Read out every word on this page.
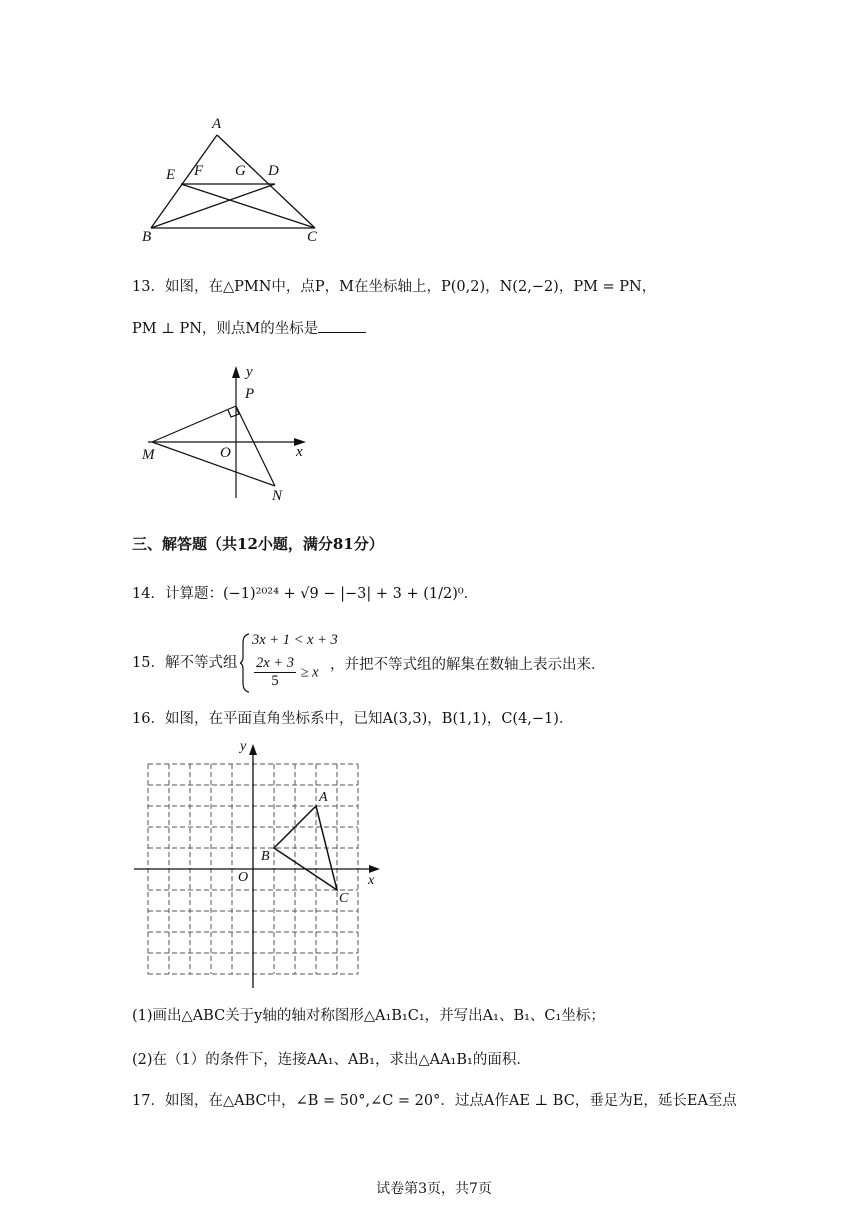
A
E F G D
B	C
13．如图，在△PMN中，点P，M在坐标轴上，P(0,2)，N(2,−2)，PM = PN，
PM ⊥ PN，则点M的坐标是
y
P
x
O
M
N
三、解答题（共12小题，满分81分）
14．计算题：(−1)²⁰²⁴ + √9 − |−3| + 3 + (1/2)⁰．
15．解不等式组
3x + 1 < x + 3
$\frac{2x + 3}{5} \ge x$ ，并把不等式组的解集在数轴上表示出来．
16．如图，在平面直角坐标系中，已知A(3,3)，B(1,1)，C(4,−1)．
y
A
B
O	x
C
(1)画出△ABC关于y轴的轴对称图形△A₁B₁C₁，并写出A₁、B₁、C₁坐标；
(2)在（1）的条件下，连接AA₁、AB₁，求出△AA₁B₁的面积．
17．如图，在△ABC中，∠B = 50°,∠C = 20°．过点A作AE ⊥ BC，垂足为E，延长EA至点
试卷第3页，共7页
